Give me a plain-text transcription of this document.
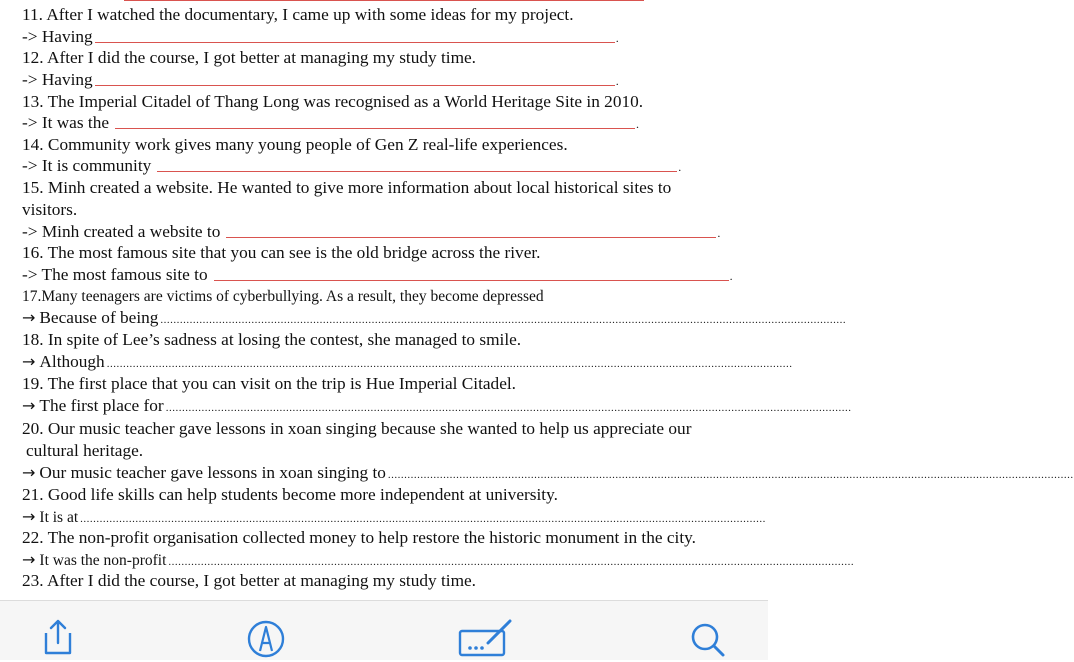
11. After I watched the documentary, I came up with some ideas for my project.
-> Having	.
12. After I did the course, I got better at managing my study time.
-> Having	.
13. The Imperial Citadel of Thang Long was recognised as a World Heritage Site in 2010.
-> It was the	.
14. Community work gives many young people of Gen Z real-life experiences.
-> It is community	.
15. Minh created a website. He wanted to give more information about local historical sites to
visitors.
-> Minh created a website to	.
16. The most famous site that you can see is the old bridge across the river.
-> The most famous site to	.
17.Many teenagers are victims of cyberbullying. As a result, they become depressed
→ Because of being ...................................................................................................................................................................................................................
18. In spite of Lee’s sadness at losing the contest, she managed to smile.
→ Although ...................................................................................................................................................................................................................
19. The first place that you can visit on the trip is Hue Imperial Citadel.
→ The first place for ...................................................................................................................................................................................................................
20. Our music teacher gave lessons in xoan singing because she wanted to help us appreciate our
cultural heritage.
→ Our music teacher gave lessons in xoan singing to ...................................................................................................................................................................................................................
21. Good life skills can help students become more independent at university.
→ It is at ...................................................................................................................................................................................................................
22. The non-profit organisation collected money to help restore the historic monument in the city.
→ It was the non-profit ...................................................................................................................................................................................................................
23. After I did the course, I got better at managing my study time.
